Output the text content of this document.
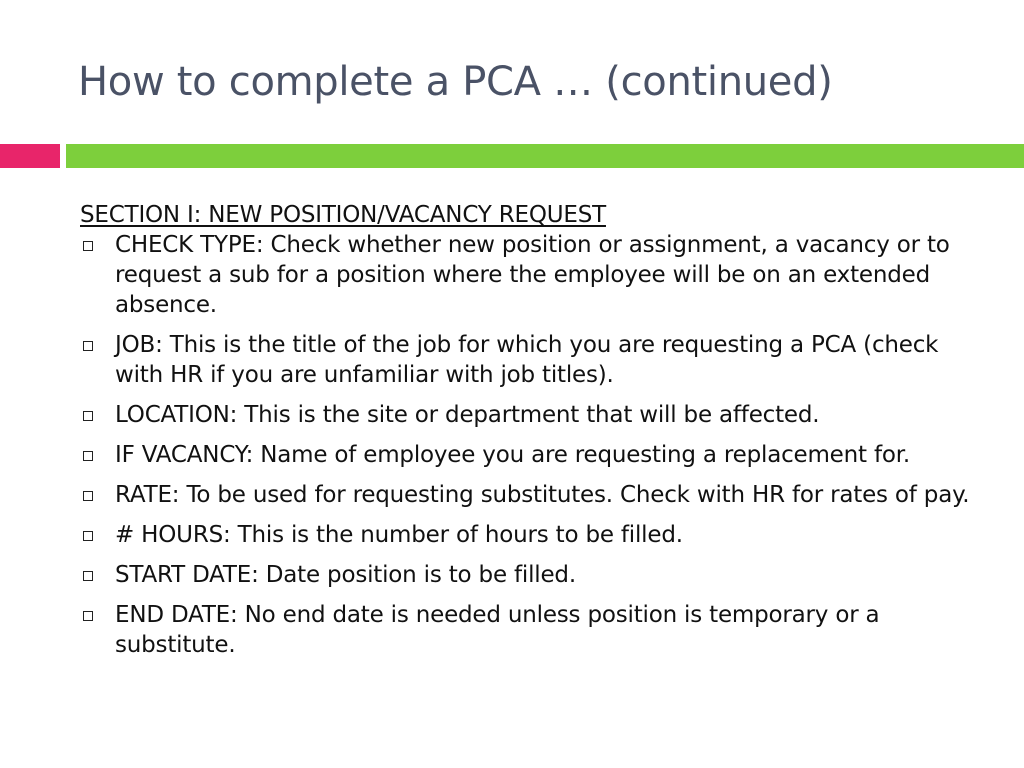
How to complete a PCA … (continued)
SECTION I: NEW POSITION/VACANCY REQUEST
CHECK TYPE: Check whether new position or assignment, a vacancy or to request a sub for a position where the employee will be on an extended absence.
JOB: This is the title of the job for which you are requesting a PCA (check with HR if you are unfamiliar with job titles).
LOCATION: This is the site or department that will be affected.
IF VACANCY: Name of employee you are requesting a replacement for.
RATE: To be used for requesting substitutes. Check with HR for rates of pay.
# HOURS: This is the number of hours to be filled.
START DATE: Date position is to be filled.
END DATE: No end date is needed unless position is temporary or a substitute.
